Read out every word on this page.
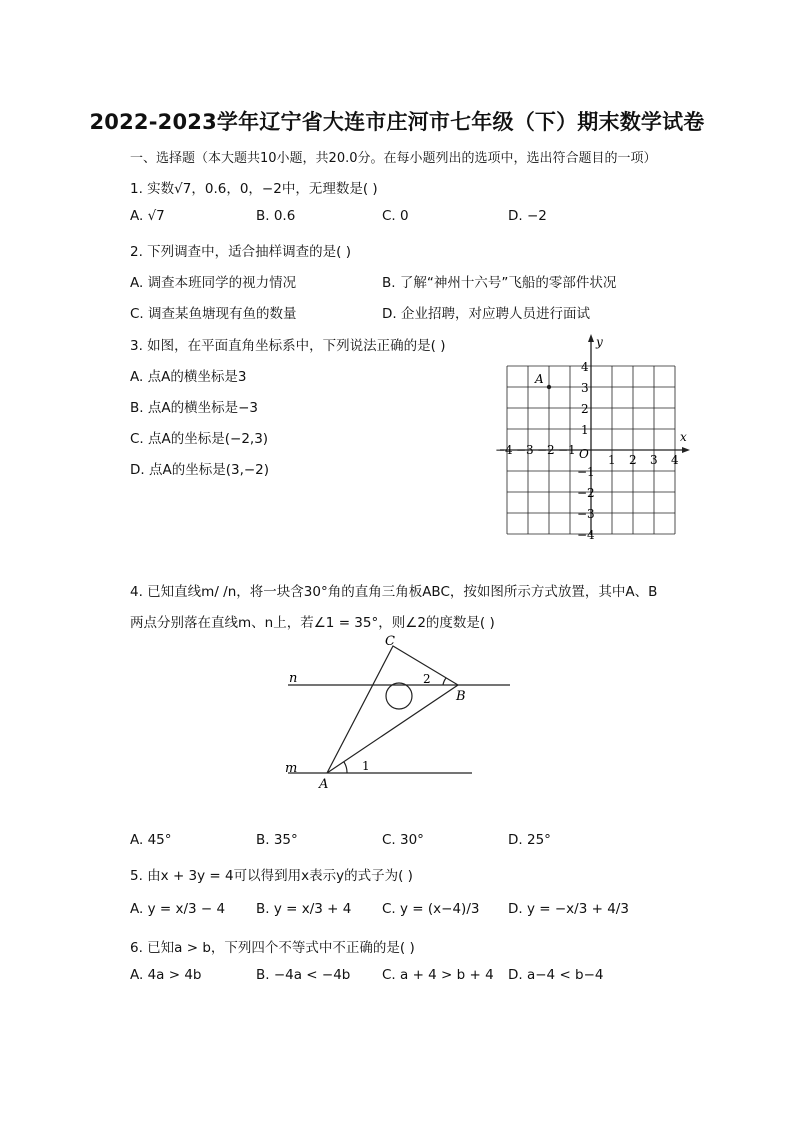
2022-2023学年辽宁省大连市庄河市七年级（下）期末数学试卷
一、选择题（本大题共10小题，共20.0分。在每小题列出的选项中，选出符合题目的一项）
1. 实数√7，0.6，0，−2中，无理数是( )
A. √7	B. 0.6	C. 0	D. −2
2. 下列调查中，适合抽样调查的是( )
A. 调查本班同学的视力情况	B. 了解“神州十六号”飞船的零部件状况
C. 调查某鱼塘现有鱼的数量	D. 企业招聘，对应聘人员进行面试
3. 如图，在平面直角坐标系中，下列说法正确的是( )
A. 点A的横坐标是3
B. 点A的横坐标是−3
C. 点A的坐标是(−2,3)
D. 点A的坐标是(3,−2)
y
x
O
−4 −3 −2 −1
1 2 3 4
4
3
2
1
−1
−2
−3
−4
A
4. 已知直线m/ /n，将一块含30°角的直角三角板ABC，按如图所示方式放置，其中A、B
两点分别落在直线m、n上，若∠1 = 35°，则∠2的度数是( )
C
B
A
n
m	1
2
A. 45°	B. 35°	C. 30°	D. 25°
5. 由x + 3y = 4可以得到用x表示y的式子为( )
A. y = x/3 − 4 B. y = x/3 + 4 C. y = (x−4)/3 D. y = −x/3 + 4/3
6. 已知a > b，下列四个不等式中不正确的是( )
A. 4a > 4b	B. −4a < −4b C. a + 4 > b + 4 D. a−4 < b−4
